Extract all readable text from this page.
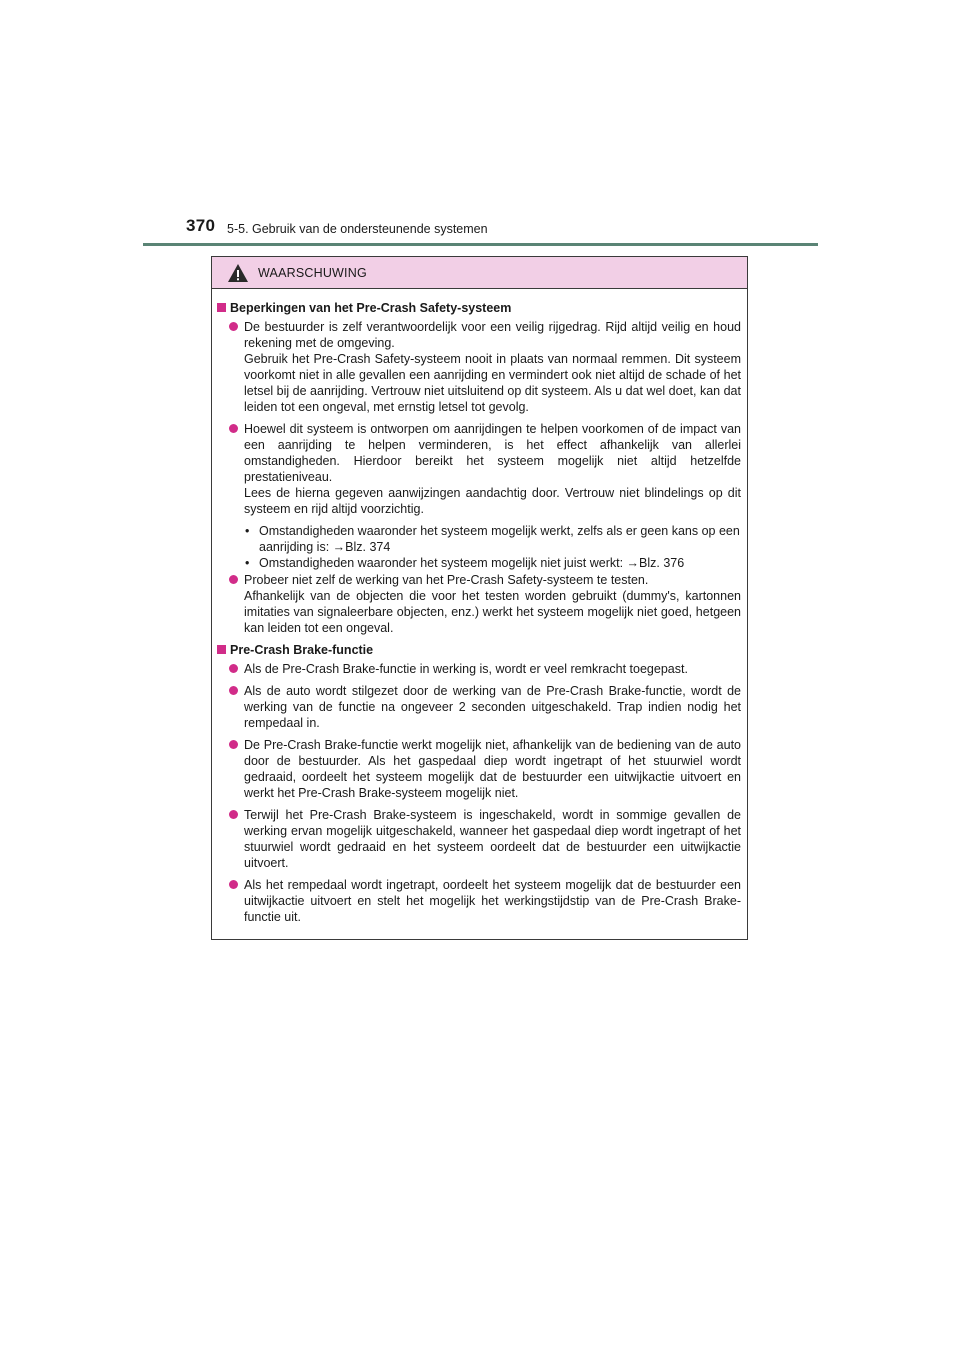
370 5-5. Gebruik van de ondersteunende systemen
WAARSCHUWING
Beperkingen van het Pre-Crash Safety-systeem

De bestuurder is zelf verantwoordelijk voor een veilig rijgedrag. Rijd altijd veilig en houd rekening met de omgeving.

Gebruik het Pre-Crash Safety-systeem nooit in plaats van normaal remmen. Dit systeem voorkomt niet in alle gevallen een aanrijding en vermindert ook niet altijd de schade of het letsel bij de aanrijding. Vertrouw niet uitsluitend op dit systeem. Als u dat wel doet, kan dat leiden tot een ongeval, met ernstig letsel tot gevolg.

Hoewel dit systeem is ontworpen om aanrijdingen te helpen voorkomen of de impact van een aanrijding te helpen verminderen, is het effect afhankelijk van allerlei omstandigheden. Hierdoor bereikt het systeem mogelijk niet altijd hetzelfde prestatieniveau.

Lees de hierna gegeven aanwijzingen aandachtig door. Vertrouw niet blindelings op dit systeem en rijd altijd voorzichtig.

• Omstandigheden waaronder het systeem mogelijk werkt, zelfs als er geen kans op een aanrijding is: →Blz. 374
• Omstandigheden waaronder het systeem mogelijk niet juist werkt: →Blz. 376

Probeer niet zelf de werking van het Pre-Crash Safety-systeem te testen.

Afhankelijk van de objecten die voor het testen worden gebruikt (dummy's, kartonnen imitaties van signaleerbare objecten, enz.) werkt het systeem mogelijk niet goed, hetgeen kan leiden tot een ongeval.

Pre-Crash Brake-functie
Als de Pre-Crash Brake-functie in werking is, wordt er veel remkracht toegepast.
Als de auto wordt stilgezet door de werking van de Pre-Crash Brake-functie, wordt de werking van de functie na ongeveer 2 seconden uitgeschakeld. Trap indien nodig het rempedaal in.
De Pre-Crash Brake-functie werkt mogelijk niet, afhankelijk van de bediening van de auto door de bestuurder. Als het gaspedaal diep wordt ingetrapt of het stuurwiel wordt gedraaid, oordeelt het systeem mogelijk dat de bestuurder een uitwijkactie uitvoert en werkt het Pre-Crash Brake-systeem mogelijk niet.
Terwijl het Pre-Crash Brake-systeem is ingeschakeld, wordt in sommige gevallen de werking ervan mogelijk uitgeschakeld, wanneer het gaspedaal diep wordt ingetrapt of het stuurwiel wordt gedraaid en het systeem oordeelt dat de bestuurder een uitwijkactie uitvoert.
Als het rempedaal wordt ingetrapt, oordeelt het systeem mogelijk dat de bestuurder een uitwijkactie uitvoert en stelt het mogelijk het werkingstijdstip van de Pre-Crash Brake-functie uit.
